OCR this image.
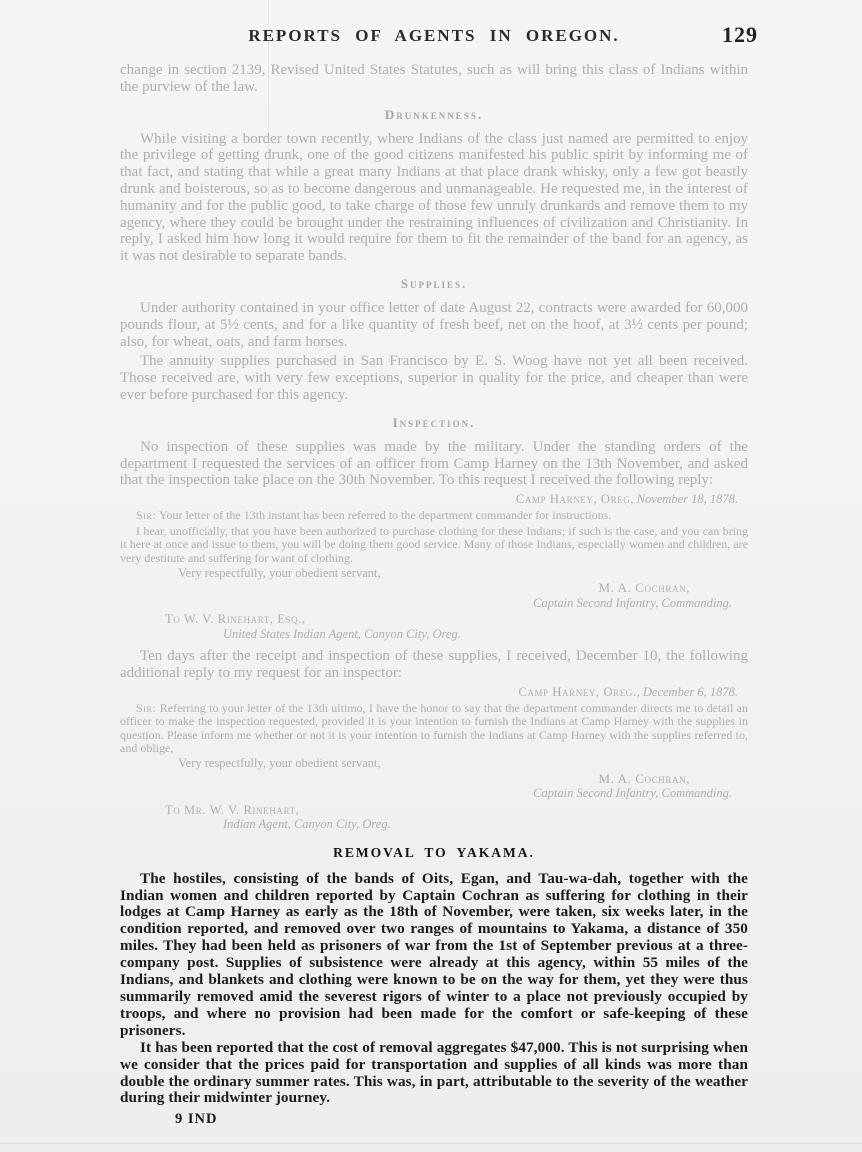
REPORTS OF AGENTS IN OREGON.	129

change in section 2139, Revised United States Statutes, such as will bring this class of Indians within the purview of the law.

Drunkenness.

While visiting a border town recently, where Indians of the class just named are permitted to enjoy the privilege of getting drunk, one of the good citizens manifested his public spirit by informing me of that fact, and stating that while a great many Indians at that place drank whisky, only a few got beastly drunk and boisterous, so as to become dangerous and unmanageable. He requested me, in the interest of humanity and for the public good, to take charge of those few unruly drunkards and remove them to my agency, where they could be brought under the restraining influences of civilization and Christianity. In reply, I asked him how long it would require for them to fit the remainder of the band for an agency, as it was not desirable to separate bands.

Supplies.

Under authority contained in your office letter of date August 22, contracts were awarded for 60,000 pounds flour, at 5½ cents, and for a like quantity of fresh beef, net on the hoof, at 3½ cents per pound; also, for wheat, oats, and farm horses.

The annuity supplies purchased in San Francisco by E. S. Woog have not yet all been received. Those received are, with very few exceptions, superior in quality for the price, and cheaper than were ever before purchased for this agency.

Inspection.

No inspection of these supplies was made by the military. Under the standing orders of the department I requested the services of an officer from Camp Harney on the 13th November, and asked that the inspection take place on the 30th November. To this request I received the following reply:

Camp Harney, Oreg, November 18, 1878.

Sir: Your letter of the 13th instant has been referred to the department commander for instructions.

I hear, unofficially, that you have been authorized to purchase clothing for these Indians; if such is the case, and you can bring it here at once and issue to them, you will be doing them good service. Many of those Indians, especially women and children, are very destitute and suffering for want of clothing.

Very respectfully, your obedient servant,

M. A. Cochran,
Captain Second Infantry, Commanding.
To W. V. Rinehart, Esq.,
United States Indian Agent, Canyon City, Oreg.

Ten days after the receipt and inspection of these supplies, I received, December 10, the following additional reply to my request for an inspector:

Camp Harney, Oreg., December 6, 1878.

Sir: Referring to your letter of the 13th ultimo, I have the honor to say that the department commander directs me to detail an officer to make the inspection requested, provided it is your intention to furnish the Indians at Camp Harney with the supplies in question. Please inform me whether or not it is your intention to furnish the Indians at Camp Harney with the supplies referred to, and oblige,

Very respectfully, your obedient servant,

M. A. Cochran,
Captain Second Infantry, Commanding.
To Mr. W. V. Rinehart,
Indian Agent, Canyon City, Oreg.
REMOVAL TO YAKAMA.

The hostiles, consisting of the bands of Oits, Egan, and Tau-wa-dah, together with the Indian women and children reported by Captain Cochran as suffering for clothing in their lodges at Camp Harney as early as the 18th of November, were taken, six weeks later, in the condition reported, and removed over two ranges of mountains to Yakama, a distance of 350 miles. They had been held as prisoners of war from the 1st of September previous at a three-company post. Supplies of subsistence were already at this agency, within 55 miles of the Indians, and blankets and clothing were known to be on the way for them, yet they were thus summarily removed amid the severest rigors of winter to a place not previously occupied by troops, and where no provision had been made for the comfort or safe-keeping of these prisoners.

It has been reported that the cost of removal aggregates $47,000. This is not surprising when we consider that the prices paid for transportation and supplies of all kinds was more than double the ordinary summer rates. This was, in part, attributable to the severity of the weather during their midwinter journey.

9 IND
